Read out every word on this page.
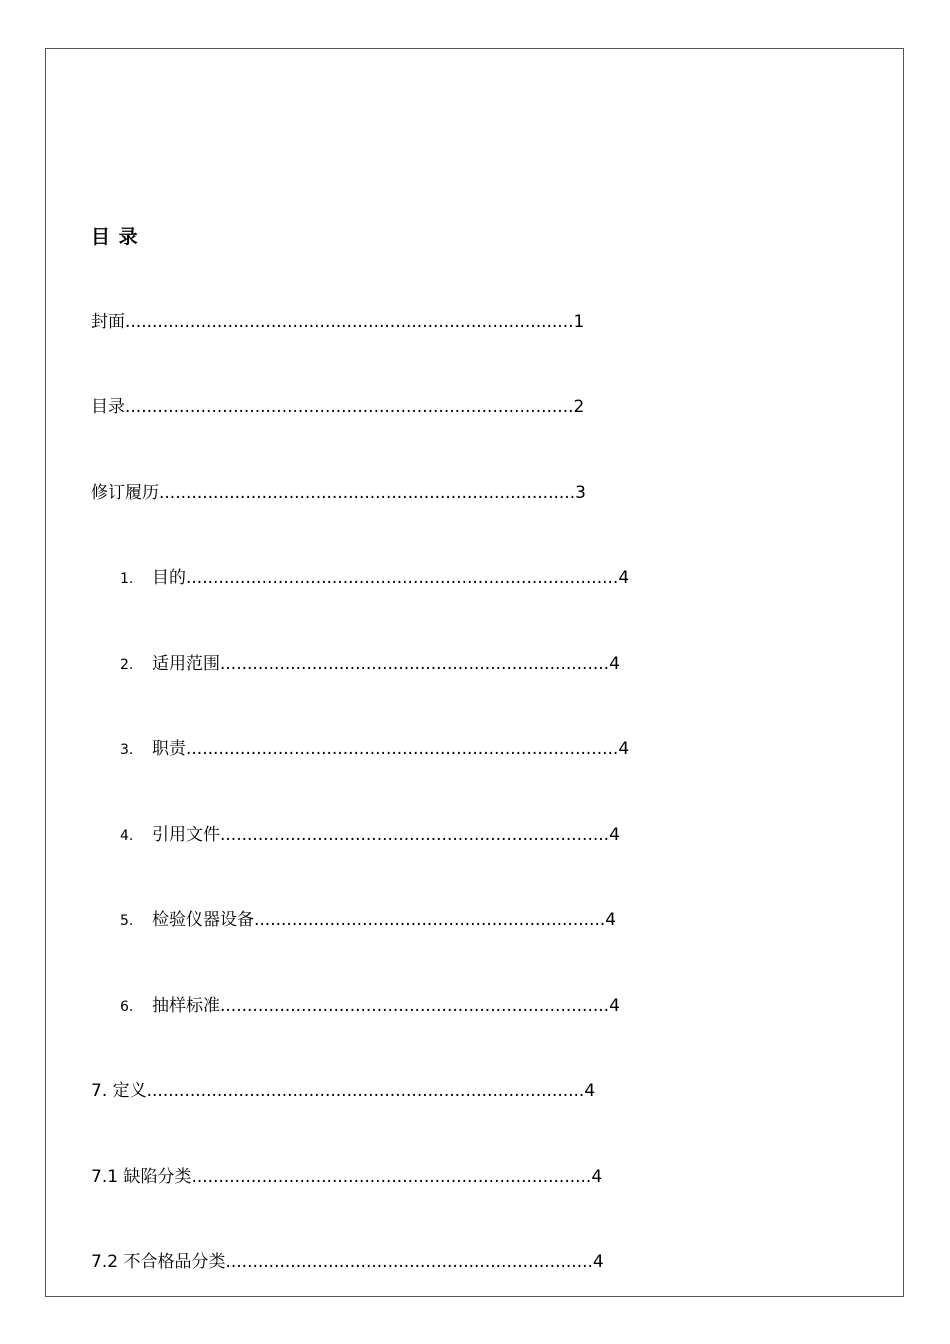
目 录
封面...................................................................................1
目录...................................................................................2
修订履历.............................................................................3
1. 目的................................................................................4
2. 适用范围........................................................................4
3. 职责................................................................................4
4. 引用文件........................................................................4
5. 检验仪器设备.................................................................4
6. 抽样标准........................................................................4
7. 定义.................................................................................4
7.1 缺陷分类..........................................................................4
7.2 不合格品分类....................................................................4
